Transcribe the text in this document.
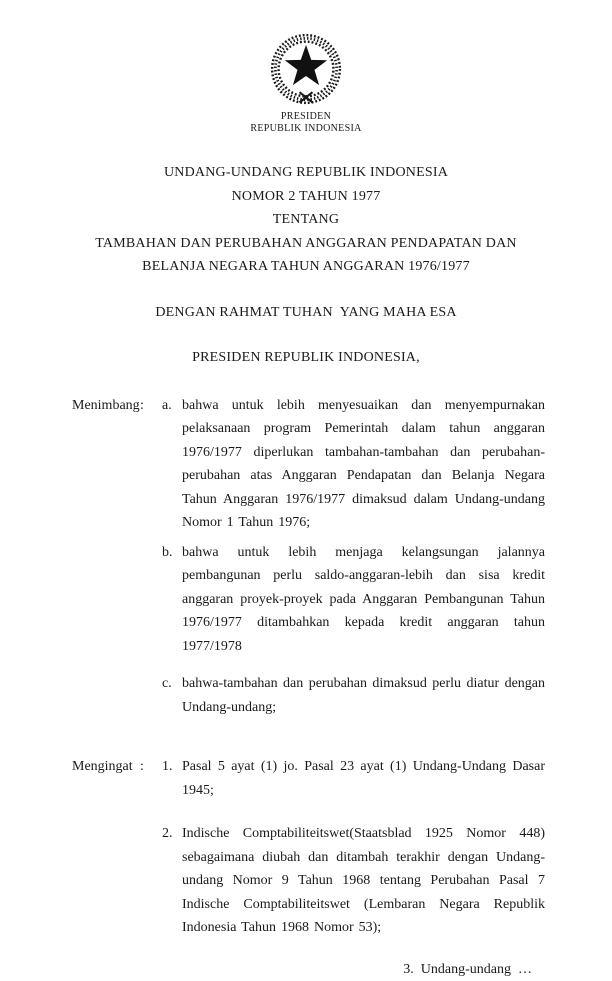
PRESIDEN
REPUBLIK INDONESIA
UNDANG-UNDANG REPUBLIK INDONESIA
NOMOR 2 TAHUN 1977
TENTANG
TAMBAHAN DAN PERUBAHAN ANGGARAN PENDAPATAN DAN
BELANJA NEGARA TAHUN ANGGARAN 1976/1977
DENGAN RAHMAT TUHAN  YANG MAHA ESA
PRESIDEN REPUBLIK INDONESIA,
Menimbang :	a. bahwa untuk lebih menyesuaikan dan menyempurnakan pelaksanaan program Pemerintah dalam tahun anggaran 1976/1977 diperlukan tambahan-tambahan dan perubahan-perubahan atas Anggaran Pendapatan dan Belanja Negara Tahun Anggaran 1976/1977 dimaksud dalam Undang-undang Nomor 1 Tahun 1976;
b. bahwa untuk lebih menjaga kelangsungan jalannya pembangunan perlu saldo-anggaran-lebih dan sisa kredit anggaran proyek-proyek pada Anggaran Pembangunan Tahun 1976/1977 ditambahkan kepada kredit anggaran tahun 1977/1978
c. bahwa-tambahan dan perubahan dimaksud perlu diatur dengan Undang-undang;
Mengingat :	1. Pasal 5 ayat (1) jo. Pasal 23 ayat (1) Undang-Undang Dasar 1945;
2. Indische Comptabiliteitswet(Staatsblad 1925 Nomor 448) sebagaimana diubah dan ditambah terakhir dengan Undang-undang Nomor 9 Tahun 1968 tentang Perubahan Pasal 7 Indische Comptabiliteitswet (Lembaran Negara Republik Indonesia Tahun 1968 Nomor 53);
3.  Undang-undang  …
